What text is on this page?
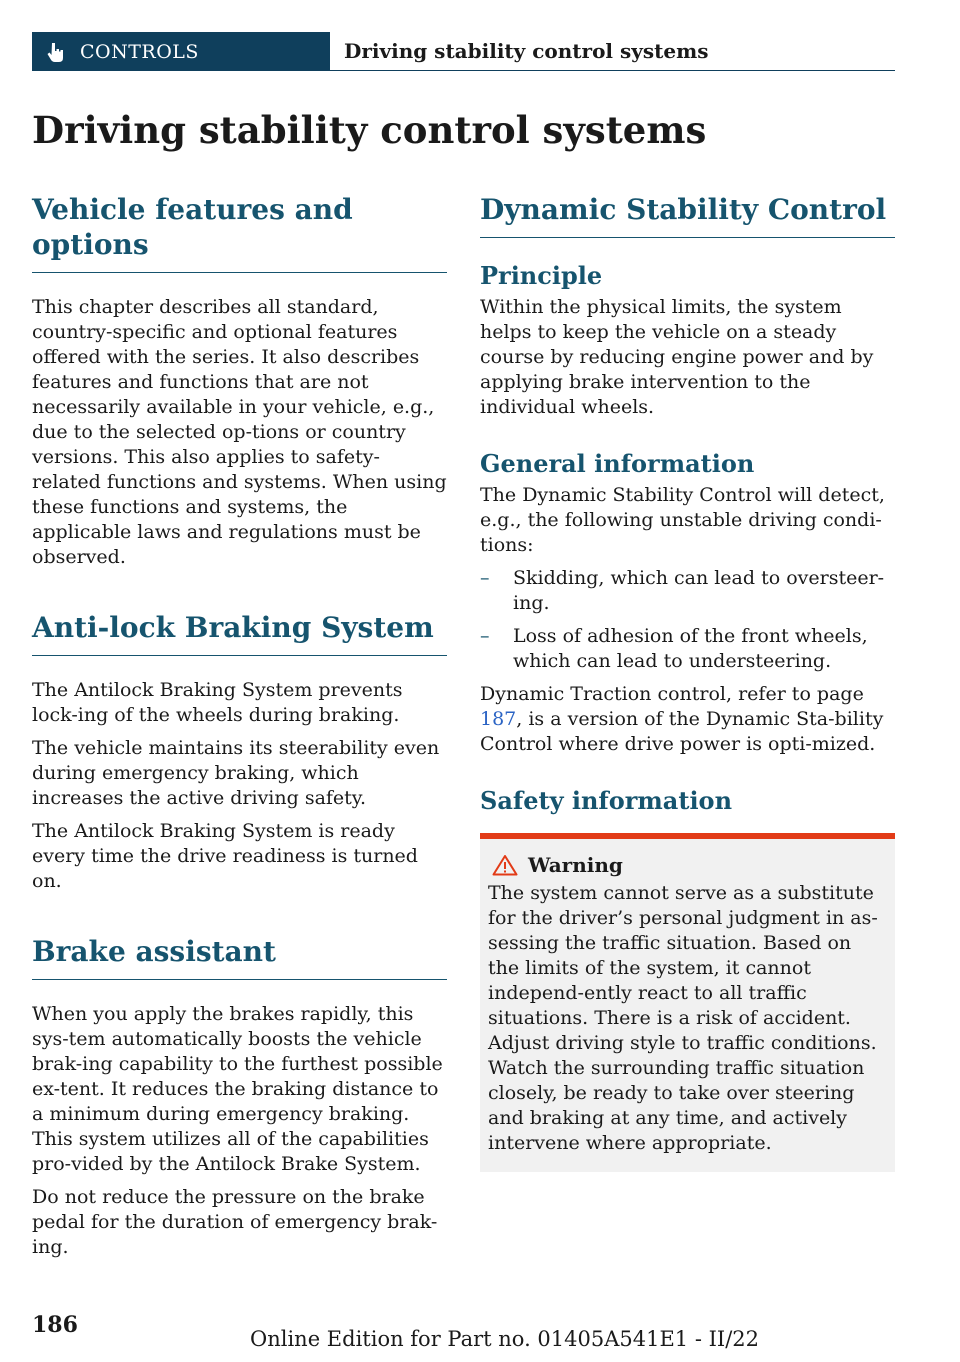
CONTROLS	Driving stability control systems
Driving stability control systems
Vehicle features and options

This chapter describes all standard, country-specific and optional features offered with the series. It also describes features and functions that are not necessarily available in your vehicle, e.g., due to the selected op-tions or country versions. This also applies to safety-related functions and systems. When using these functions and systems, the applicable laws and regulations must be observed.

Anti-lock Braking System

The Antilock Braking System prevents lock-ing of the wheels during braking.

The vehicle maintains its steerability even during emergency braking, which increases the active driving safety.

The Antilock Braking System is ready every time the drive readiness is turned on.

Brake assistant

When you apply the brakes rapidly, this sys-tem automatically boosts the vehicle brak-ing capability to the furthest possible ex-tent. It reduces the braking distance to a minimum during emergency braking. This system utilizes all of the capabilities pro-vided by the Antilock Brake System.

Do not reduce the pressure on the brake pedal for the duration of emergency brak-ing.

Dynamic Stability Control
Principle

Within the physical limits, the system helps to keep the vehicle on a steady course by reducing engine power and by applying brake intervention to the individual wheels.

General information

The Dynamic Stability Control will detect, e.g., the following unstable driving condi-tions:

–	Skidding, which can lead to oversteer-ing.
–	Loss of adhesion of the front wheels, which can lead to understeering.

Dynamic Traction control, refer to page 187, is a version of the Dynamic Sta-bility Control where drive power is opti-mized.

Safety information
Warning

The system cannot serve as a substitute for the driver’s personal judgment in as-sessing the traffic situation. Based on the limits of the system, it cannot independ-ently react to all traffic situations. There is a risk of accident. Adjust driving style to traffic conditions. Watch the surrounding traffic situation closely, be ready to take over steering and braking at any time, and actively intervene where appropriate.

186
Online Edition for Part no. 01405A541E1 - II/22
